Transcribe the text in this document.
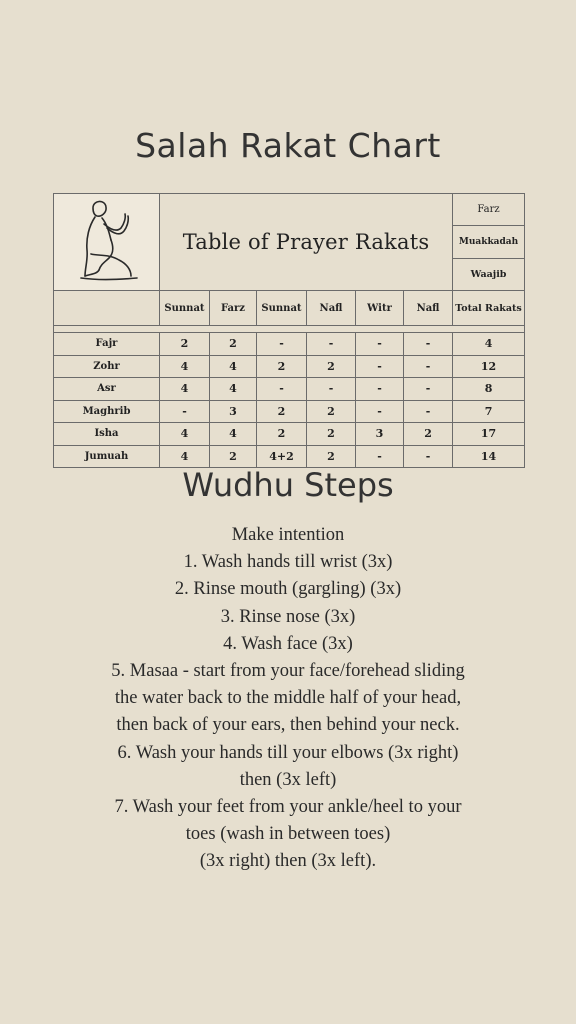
Salah Rakat Chart
	Table of Prayer Rakats						Farz
							Muakkadah
							Waajib
	Sunnat	Farz	Sunnat	Nafl	Witr	Nafl	Total Rakats

Fajr	2	2	-	-	-	-	4
Zohr	4	4	2	2	-	-	12
Asr	4	4	-	-	-	-	8
Maghrib	-	3	2	2	-	-	7
Isha	4	4	2	2	3	2	17
Jumuah	4	2	4+2	2	-	-	14
Wudhu Steps
Make intention
1. Wash hands till wrist (3x)
2. Rinse mouth (gargling) (3x)
3. Rinse nose (3x)
4. Wash face (3x)
5. Masaa - start from your face/forehead sliding
the water back to the middle half of your head,
then back of your ears, then behind your neck.
6. Wash your hands till your elbows (3x right)
then (3x left)
7. Wash your feet from your ankle/heel to your
toes (wash in between toes)
(3x right) then (3x left).
